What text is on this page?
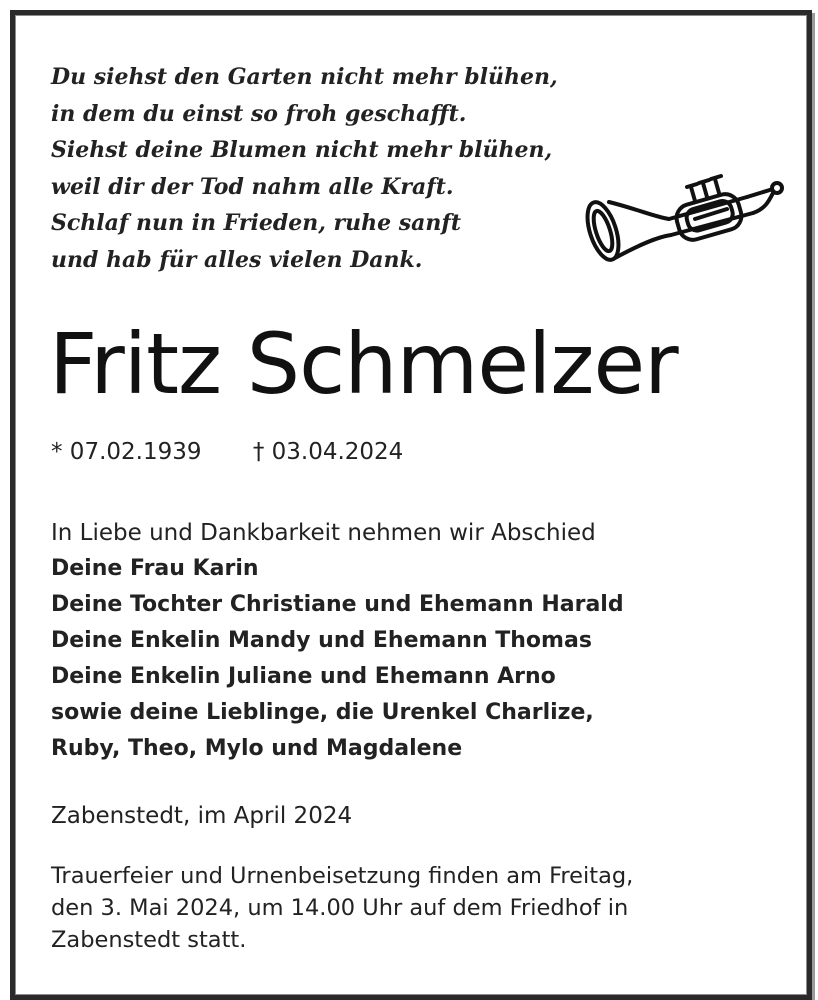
Du siehst den Garten nicht mehr blühen,
in dem du einst so froh geschafft.
Siehst deine Blumen nicht mehr blühen,
weil dir der Tod nahm alle Kraft.
Schlaf nun in Frieden, ruhe sanft
und hab für alles vielen Dank.
Fritz Schmelzer
* 07.02.1939 † 03.04.2024
In Liebe und Dankbarkeit nehmen wir Abschied
Deine Frau Karin
Deine Tochter Christiane und Ehemann Harald
Deine Enkelin Mandy und Ehemann Thomas
Deine Enkelin Juliane und Ehemann Arno
sowie deine Lieblinge, die Urenkel Charlize,
Ruby, Theo, Mylo und Magdalene
Zabenstedt, im April 2024
Trauerfeier und Urnenbeisetzung finden am Freitag,
den 3. Mai 2024, um 14.00 Uhr auf dem Friedhof in
Zabenstedt statt.
